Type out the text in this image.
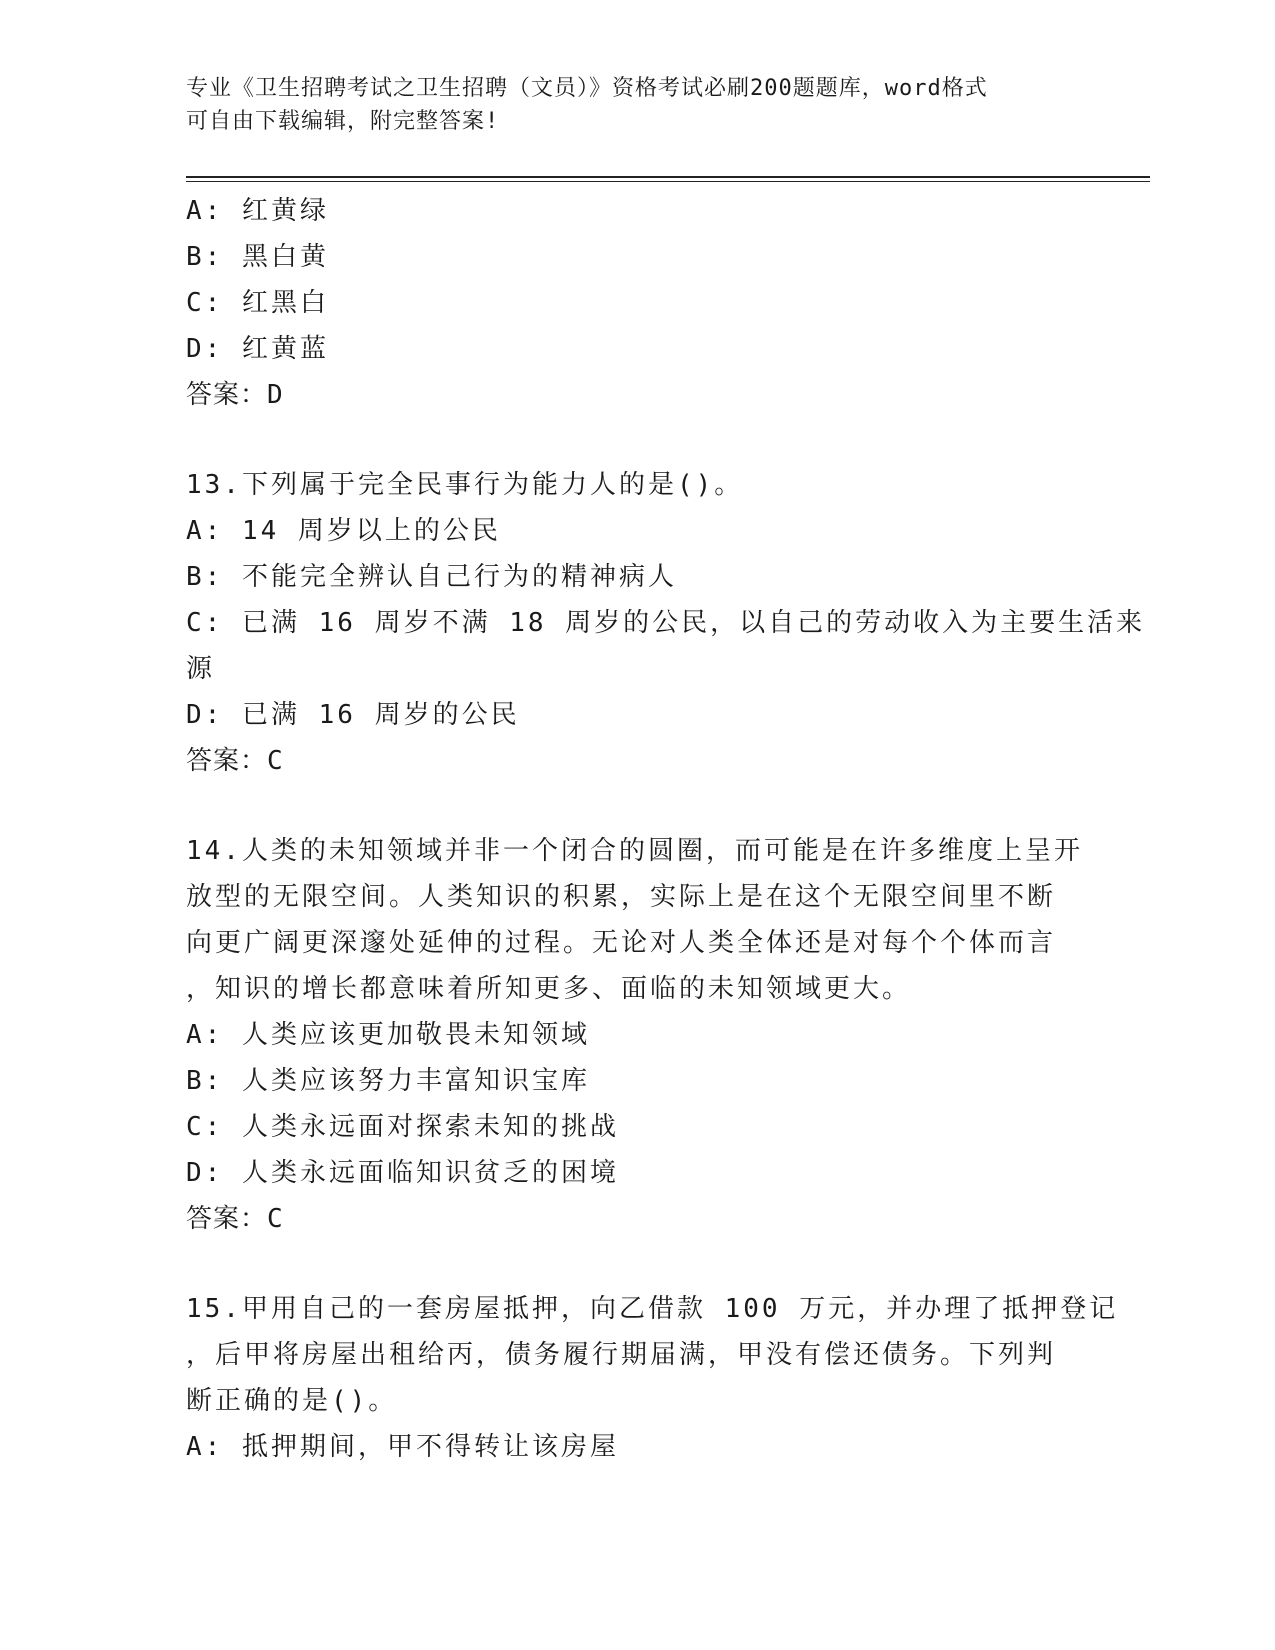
专业《卫生招聘考试之卫生招聘（文员）》资格考试必刷200题题库，word格式
可自由下载编辑，附完整答案!
A: 红黄绿
B: 黑白黄
C: 红黑白
D: 红黄蓝
答案：D
13.下列属于完全民事行为能力人的是()。
A: 14 周岁以上的公民
B: 不能完全辨认自己行为的精神病人
C: 已满 16 周岁不满 18 周岁的公民，以自己的劳动收入为主要生活来
源
D: 已满 16 周岁的公民
答案：C
14.人类的未知领域并非一个闭合的圆圈，而可能是在许多维度上呈开
放型的无限空间。人类知识的积累，实际上是在这个无限空间里不断
向更广阔更深邃处延伸的过程。无论对人类全体还是对每个个体而言
，知识的增长都意味着所知更多、面临的未知领域更大。
A: 人类应该更加敬畏未知领域
B: 人类应该努力丰富知识宝库
C: 人类永远面对探索未知的挑战
D: 人类永远面临知识贫乏的困境
答案：C
15.甲用自己的一套房屋抵押，向乙借款 100 万元，并办理了抵押登记
，后甲将房屋出租给丙，债务履行期届满，甲没有偿还债务。下列判
断正确的是()。
A: 抵押期间，甲不得转让该房屋
